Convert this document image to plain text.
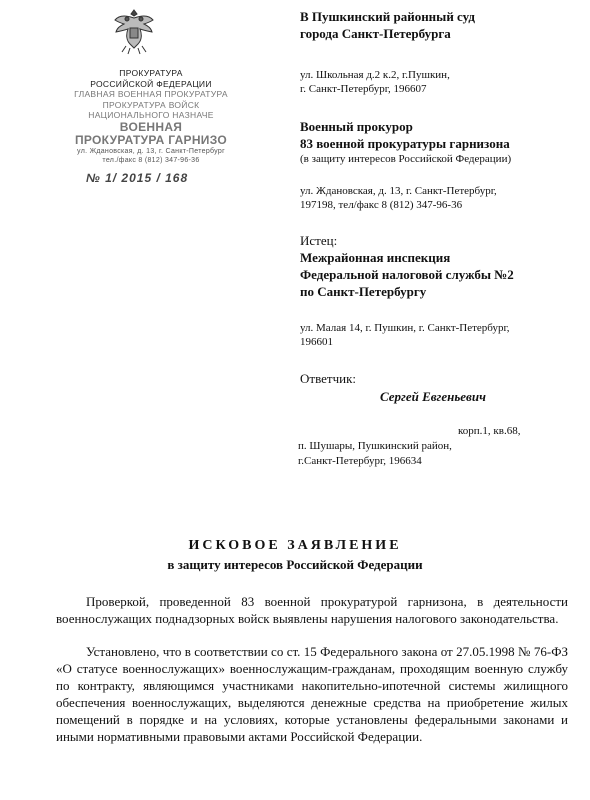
ПРОКУРАТУРА
РОССИЙСКОЙ ФЕДЕРАЦИИ
ГЛАВНАЯ ВОЕННАЯ ПРОКУРАТУРА
ПРОКУРАТУРА ВОЙСК
НАЦИОНАЛЬНОГО НАЗНАЧЕ
ВОЕННАЯ
ПРОКУРАТУРА ГАРНИЗО
ул. Ждановская, д. 13, г. Санкт-Петербург
тел./факс 8 (812) 347-96-36
№ 1/ 2015 / 168
В Пушкинский районный суд
города Санкт-Петербурга
ул. Школьная д.2 к.2, г.Пушкин,
г. Санкт-Петербург, 196607
Военный прокурор
83 военной прокуратуры гарнизона
(в защиту интересов Российской Федерации)
ул. Ждановская, д. 13, г. Санкт-Петербург,
197198, тел/факс 8 (812) 347-96-36
Истец:
Межрайонная инспекция
Федеральной налоговой службы №2
по Санкт-Петербургу
ул. Малая 14, г. Пушкин, г. Санкт-Петербург,
196601
Ответчик:
Сергей Евгеньевич
корп.1, кв.68,
п. Шушары, Пушкинский район,
г.Санкт-Петербург, 196634
ИСКОВОЕ ЗАЯВЛЕНИЕ
в защиту интересов Российской Федерации
Проверкой, проведенной 83 военной прокуратурой гарнизона, в деятельности военнослужащих поднадзорных войск выявлены нарушения налогового законодательства.
Установлено, что в соответствии со ст. 15 Федерального закона от 27.05.1998 № 76-ФЗ «О статусе военнослужащих» военнослужащим-гражданам, проходящим военную службу по контракту, являющимся участниками накопительно-ипотечной системы жилищного обеспечения военнослужащих, выделяются денежные средства на приобретение жилых помещений в порядке и на условиях, которые установлены федеральными законами и иными нормативными правовыми актами Российской Федерации.
